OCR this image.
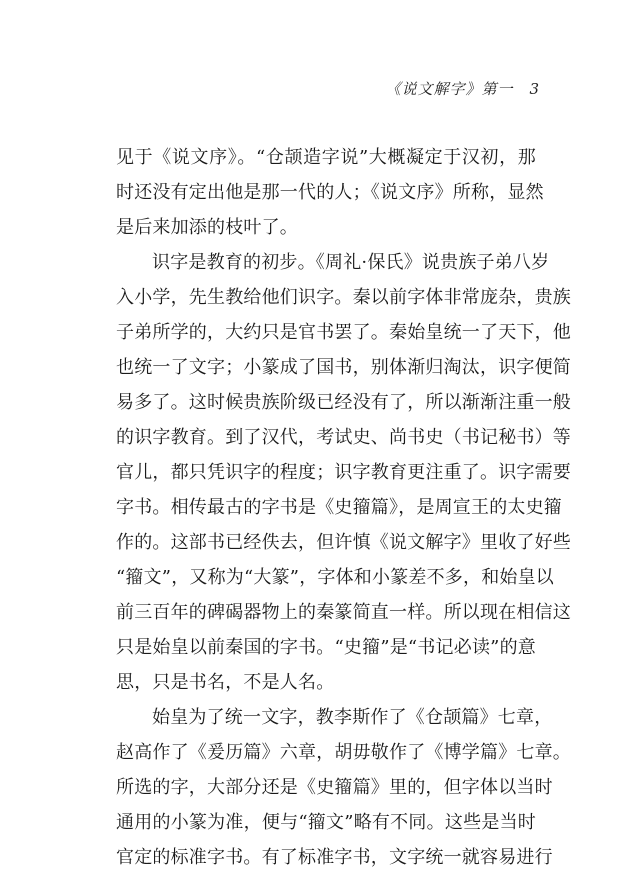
《说文解字》第一 3
见于《说文序》。“仓颉造字说”大概凝定于汉初，那
时还没有定出他是那一代的人；《说文序》所称，显然
是后来加添的枝叶了。
识字是教育的初步。《周礼·保氏》说贵族子弟八岁
入小学，先生教给他们识字。秦以前字体非常庞杂，贵族
子弟所学的，大约只是官书罢了。秦始皇统一了天下，他
也统一了文字；小篆成了国书，别体渐归淘汰，识字便简
易多了。这时候贵族阶级已经没有了，所以渐渐注重一般
的识字教育。到了汉代，考试史、尚书史（书记秘书）等
官儿，都只凭识字的程度；识字教育更注重了。识字需要
字书。相传最古的字书是《史籀篇》，是周宣王的太史籀
作的。这部书已经佚去，但许慎《说文解字》里收了好些
“籀文”，又称为“大篆”，字体和小篆差不多，和始皇以
前三百年的碑碣器物上的秦篆简直一样。所以现在相信这
只是始皇以前秦国的字书。“史籀”是“书记必读”的意
思，只是书名，不是人名。
始皇为了统一文字，教李斯作了《仓颉篇》七章，
赵高作了《爰历篇》六章，胡毋敬作了《博学篇》七章。
所选的字，大部分还是《史籀篇》里的，但字体以当时
通用的小篆为准，便与“籀文”略有不同。这些是当时
官定的标准字书。有了标准字书，文字统一就容易进行
